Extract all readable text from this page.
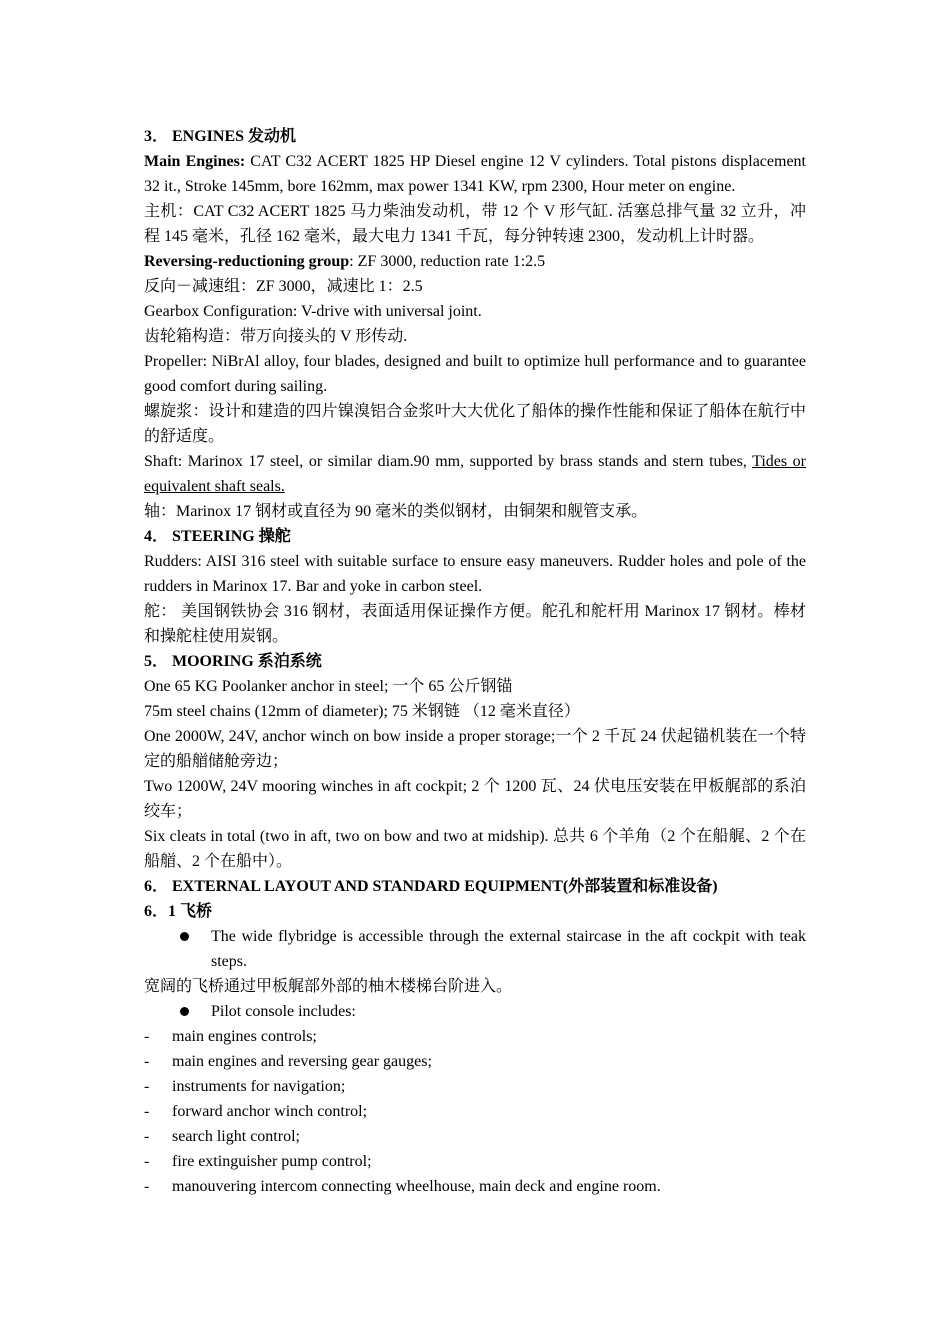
3． ENGINES 发动机

Main Engines: CAT C32 ACERT 1825 HP Diesel engine 12 V cylinders. Total pistons displacement 32 it., Stroke 145mm, bore 162mm, max power 1341 KW, rpm 2300, Hour meter on engine.

主机：CAT C32 ACERT 1825 马力柴油发动机，带 12 个 V 形气缸. 活塞总排气量 32 立升，冲程 145 毫米，孔径 162 毫米，最大电力 1341 千瓦，每分钟转速 2300，发动机上计时器。

Reversing-reductioning group: ZF 3000, reduction rate 1:2.5

反向－减速组：ZF 3000，减速比 1：2.5

Gearbox Configuration: V-drive with universal joint.

齿轮箱构造：带万向接头的 V 形传动.

Propeller: NiBrAl alloy, four blades, designed and built to optimize hull performance and to guarantee good comfort during sailing.

螺旋浆：设计和建造的四片镍溴铝合金浆叶大大优化了船体的操作性能和保证了船体在航行中的舒适度。

Shaft: Marinox 17 steel, or similar diam.90 mm, supported by brass stands and stern tubes, Tides or equivalent shaft seals.

轴：Marinox 17 钢材或直径为 90 毫米的类似钢材，由铜架和舰管支承。

4． STEERING 操舵

Rudders: AISI 316 steel with suitable surface to ensure easy maneuvers. Rudder holes and pole of the rudders in Marinox 17. Bar and yoke in carbon steel.

舵： 美国钢铁协会 316 钢材，表面适用保证操作方便。舵孔和舵杆用 Marinox 17 钢材。棒材和操舵柱使用炭钢。

5． MOORING 系泊系统

One 65 KG Poolanker anchor in steel; 一个 65 公斤钢锚

75m steel chains (12mm of diameter); 75 米钢链 （12 毫米直径）

One 2000W, 24V, anchor winch on bow inside a proper storage;一个 2 千瓦 24 伏起锚机装在一个特定的船艏储舱旁边；

Two 1200W, 24V mooring winches in aft cockpit; 2 个 1200 瓦、24 伏电压安装在甲板艉部的系泊绞车；

Six cleats in total (two in aft, two on bow and two at midship). 总共 6 个羊角（2 个在船艉、2 个在船艏、2 个在船中）。

6． EXTERNAL LAYOUT AND STANDARD EQUIPMENT(外部装置和标准设备)

6．1 飞桥

The wide flybridge is accessible through the external staircase in the aft cockpit with teak steps.

宽阔的飞桥通过甲板艉部外部的柚木楼梯台阶进入。

Pilot console includes:

- main engines controls;

- main engines and reversing gear gauges;

- instruments for navigation;

- forward anchor winch control;

- search light control;

- fire extinguisher pump control;

- manouvering intercom connecting wheelhouse, main deck and engine room.
